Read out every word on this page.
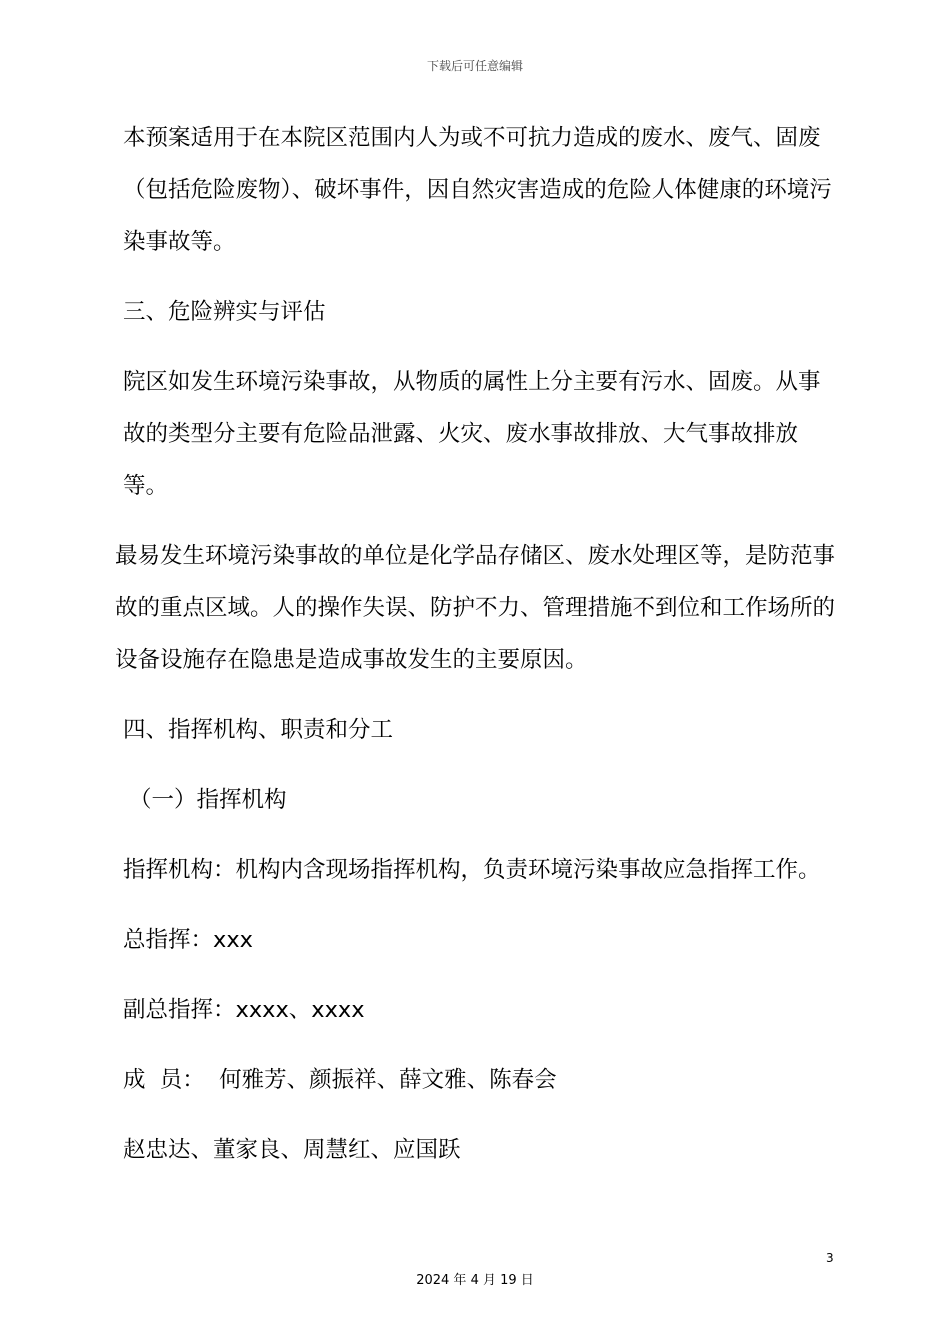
下载后可任意编辑

本预案适用于在本院区范围内人为或不可抗力造成的废水、废气、固废（包括危险废物）、破坏事件，因自然灾害造成的危险人体健康的环境污染事故等。

三、危险辨实与评估

院区如发生环境污染事故，从物质的属性上分主要有污水、固废。从事故的类型分主要有危险品泄露、火灾、废水事故排放、大气事故排放等。

最易发生环境污染事故的单位是化学品存储区、废水处理区等，是防范事故的重点区域。人的操作失误、防护不力、管理措施不到位和工作场所的设备设施存在隐患是造成事故发生的主要原因。

四、指挥机构、职责和分工

（一）指挥机构

指挥机构：机构内含现场指挥机构，负责环境污染事故应急指挥工作。

总指挥：xxx

副总指挥：xxxx、xxxx

成  员：  何雅芳、颜振祥、薛文雅、陈春会

赵忠达、董家良、周慧红、应国跃

3
2024 年 4 月 19 日
